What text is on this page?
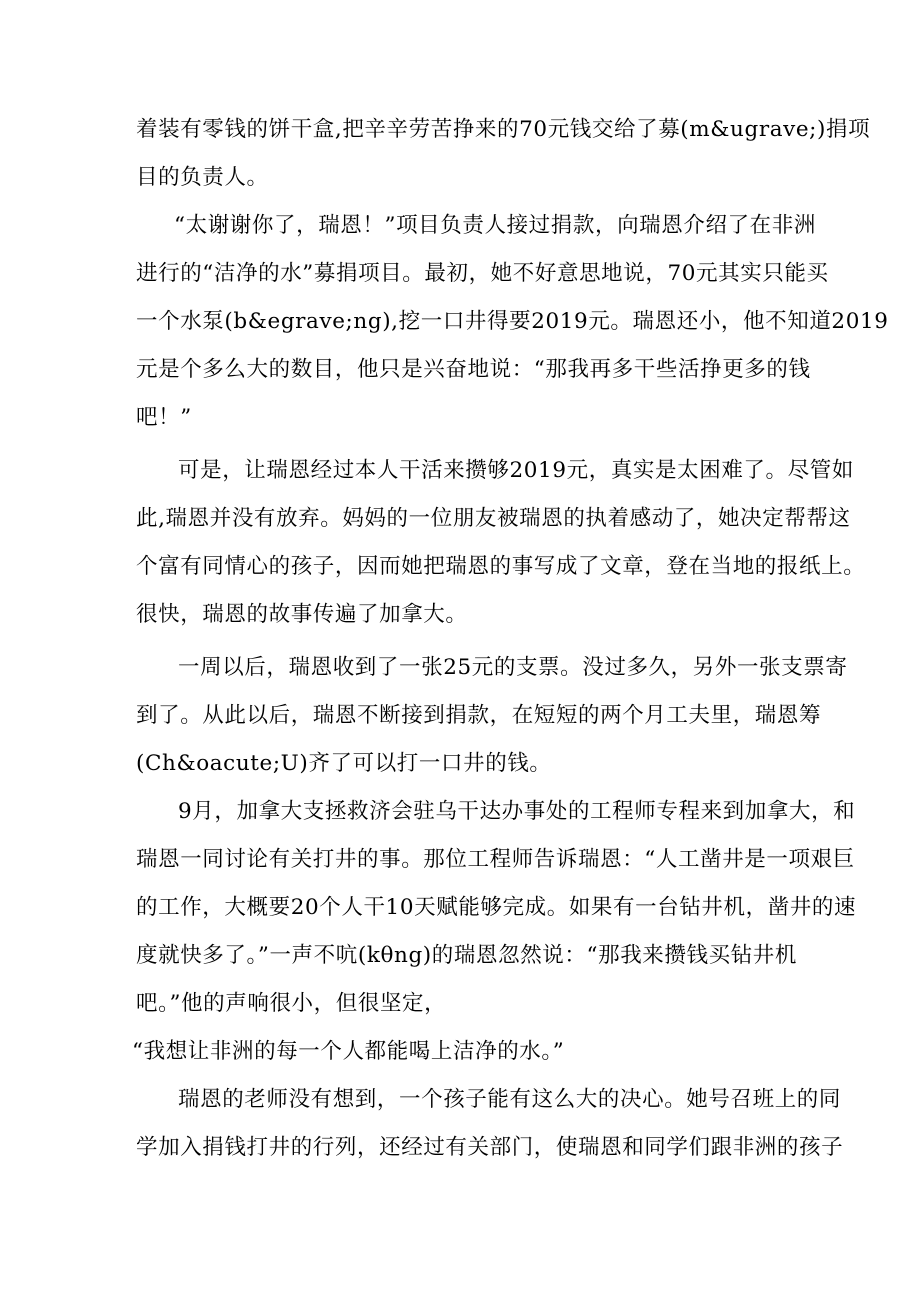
着装有零钱的饼干盒,把辛辛劳苦挣来的70元钱交给了募(m&ugrave;)捐项
目的负责人。
“太谢谢你了，瑞恩！”项目负责人接过捐款，向瑞恩介绍了在非洲
进行的“洁净的水”募捐项目。最初，她不好意思地说，70元其实只能买
一个水泵(b&egrave;ng),挖一口井得要2019元。瑞恩还小，他不知道2019
元是个多么大的数目，他只是兴奋地说：“那我再多干些活挣更多的钱
吧！”
可是，让瑞恩经过本人干活来攒够2019元，真实是太困难了。尽管如
此,瑞恩并没有放弃。妈妈的一位朋友被瑞恩的执着感动了，她决定帮帮这
个富有同情心的孩子，因而她把瑞恩的事写成了文章，登在当地的报纸上。
很快，瑞恩的故事传遍了加拿大。
一周以后，瑞恩收到了一张25元的支票。没过多久，另外一张支票寄
到了。从此以后，瑞恩不断接到捐款，在短短的两个月工夫里，瑞恩筹
(Ch&oacute;U)齐了可以打一口井的钱。
9月，加拿大支拯救济会驻乌干达办事处的工程师专程来到加拿大，和
瑞恩一同讨论有关打井的事。那位工程师告诉瑞恩：“人工凿井是一项艰巨
的工作，大概要20个人干10天赋能够完成。如果有一台钻井机，凿井的速
度就快多了。”一声不吭(kθng)的瑞恩忽然说：“那我来攒钱买钻井机
吧。”他的声响很小，但很坚定，
“我想让非洲的每一个人都能喝上洁净的水。”
瑞恩的老师没有想到，一个孩子能有这么大的决心。她号召班上的同
学加入捐钱打井的行列，还经过有关部门，使瑞恩和同学们跟非洲的孩子
